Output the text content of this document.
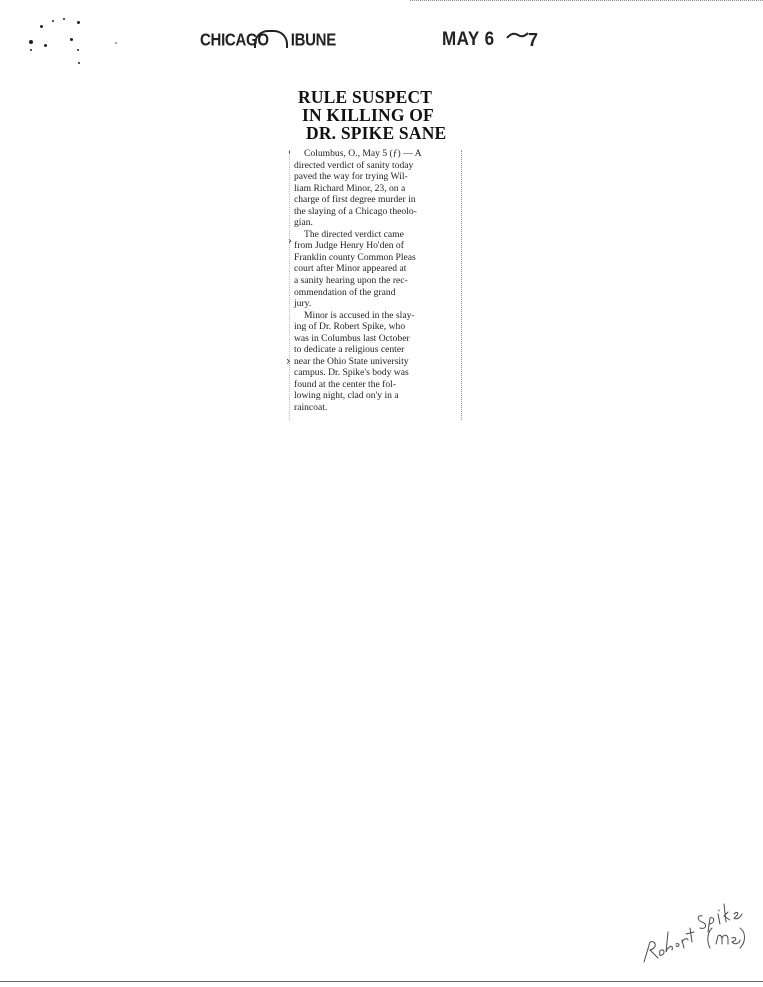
CHICAGO IBUNE	MAY 6 7
'
›
›
RULE SUSPECT
IN KILLING OF
DR. SPIKE SANE
Columbus, O., May 5 (ƒ) — A
directed verdict of sanity today
paved the way for trying Wil-
liam Richard Minor, 23, on a
charge of first degree murder in
the slaying of a Chicago theolo-
gian.
The directed verdict came
from Judge Henry Ho'den of
Franklin county Common Pleas
court after Minor appeared at
a sanity hearing upon the rec-
ommendation of the grand
jury.
Minor is accused in the slay-
ing of Dr. Robert Spike, who
was in Columbus last October
to dedicate a religious center
near the Ohio State university
campus. Dr. Spike's body was
found at the center the fol-
lowing night, clad on'y in a
raincoat.
